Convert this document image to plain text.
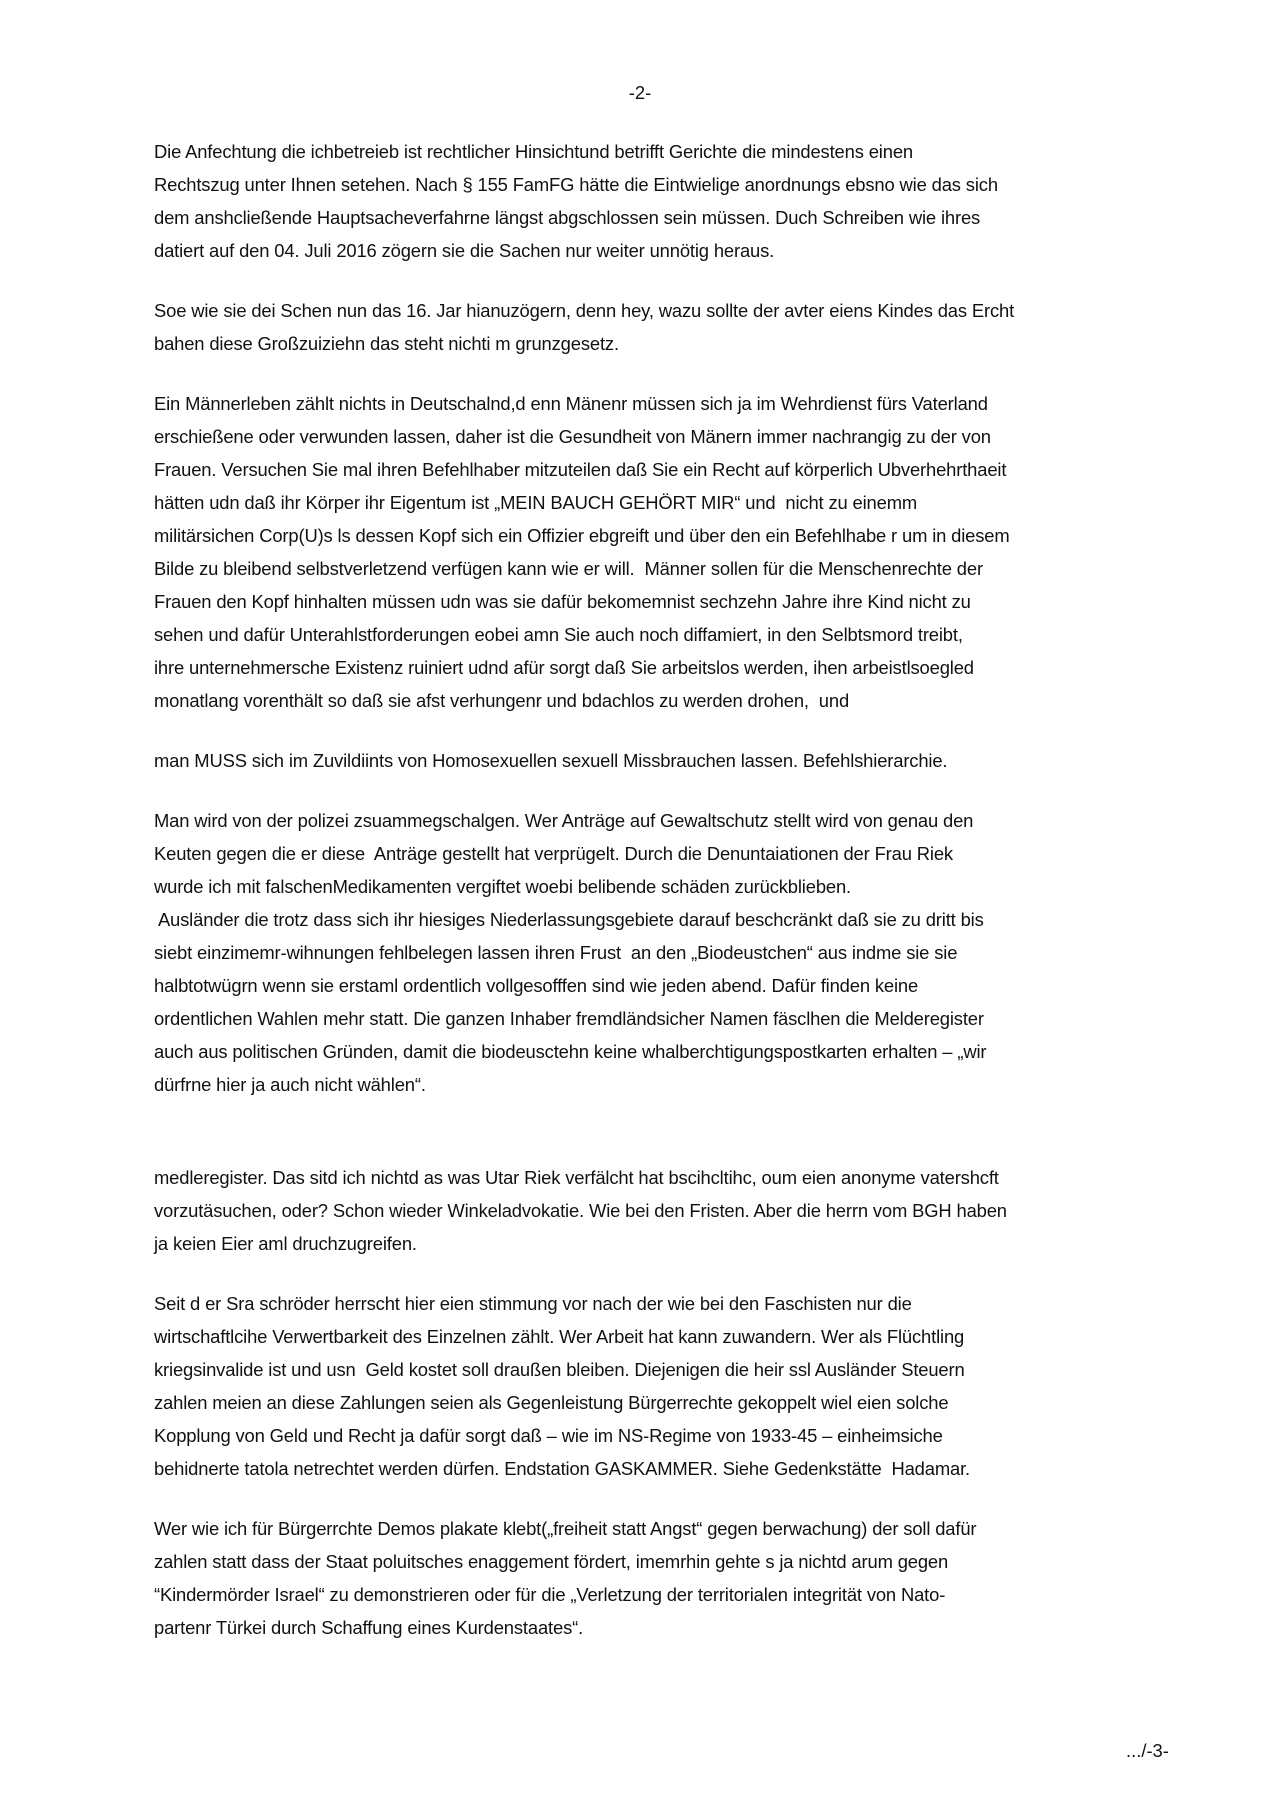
-2-
Die Anfechtung die ichbetreieb ist rechtlicher Hinsichtund betrifft Gerichte die mindestens einen
Rechtszug unter Ihnen setehen. Nach § 155 FamFG hätte die Eintwielige anordnungs ebsno wie das sich
dem anshcließende Hauptsacheverfahrne längst abgschlossen sein müssen. Duch Schreiben wie ihres
datiert auf den 04. Juli 2016 zögern sie die Sachen nur weiter unnötig heraus.
Soe wie sie dei Schen nun das 16. Jar hianuzögern, denn hey, wazu sollte der avter eiens Kindes das Ercht
bahen diese Großzuiziehn das steht nichti m grunzgesetz.
Ein Männerleben zählt nichts in Deutschalnd,d enn Mänenr müssen sich ja im Wehrdienst fürs Vaterland
erschießene oder verwunden lassen, daher ist die Gesundheit von Mänern immer nachrangig zu der von
Frauen. Versuchen Sie mal ihren Befehlhaber mitzuteilen daß Sie ein Recht auf körperlich Ubverhehrthaeit
hätten udn daß ihr Körper ihr Eigentum ist „MEIN BAUCH GEHÖRT MIR“ und  nicht zu einemm
militärsichen Corp(U)s ls dessen Kopf sich ein Offizier ebgreift und über den ein Befehlhabe r um in diesem
Bilde zu bleibend selbstverletzend verfügen kann wie er will.  Männer sollen für die Menschenrechte der
Frauen den Kopf hinhalten müssen udn was sie dafür bekomemnist sechzehn Jahre ihre Kind nicht zu
sehen und dafür Unterahlstforderungen eobei amn Sie auch noch diffamiert, in den Selbtsmord treibt,
ihre unternehmersche Existenz ruiniert udnd afür sorgt daß Sie arbeitslos werden, ihen arbeistlsoegled
monatlang vorenthält so daß sie afst verhungenr und bdachlos zu werden drohen,  und
man MUSS sich im Zuvildiints von Homosexuellen sexuell Missbrauchen lassen. Befehlshierarchie.
Man wird von der polizei zsuammegschalgen. Wer Anträge auf Gewaltschutz stellt wird von genau den
Keuten gegen die er diese  Anträge gestellt hat verprügelt. Durch die Denuntaiationen der Frau Riek
wurde ich mit falschenMedikamenten vergiftet woebi belibende schäden zurückblieben.
Ausländer die trotz dass sich ihr hiesiges Niederlassungsgebiete darauf beschcränkt daß sie zu dritt bis
siebt einzimemr-wihnungen fehlbelegen lassen ihren Frust  an den „Biodeustchen“ aus indme sie sie
halbtotwügrn wenn sie erstaml ordentlich vollgesofffen sind wie jeden abend. Dafür finden keine
ordentlichen Wahlen mehr statt. Die ganzen Inhaber fremdländsicher Namen fäsclhen die Melderegister
auch aus politischen Gründen, damit die biodeusctehn keine whalberchtigungspostkarten erhalten – „wir
dürfrne hier ja auch nicht wählen“.
medleregister. Das sitd ich nichtd as was Utar Riek verfälcht hat bscihcltihc, oum eien anonyme vatershcft
vorzutäsuchen, oder? Schon wieder Winkeladvokatie. Wie bei den Fristen. Aber die herrn vom BGH haben
ja keien Eier aml druchzugreifen.
Seit d er Sra schröder herrscht hier eien stimmung vor nach der wie bei den Faschisten nur die
wirtschaftlcihe Verwertbarkeit des Einzelnen zählt. Wer Arbeit hat kann zuwandern. Wer als Flüchtling
kriegsinvalide ist und usn  Geld kostet soll draußen bleiben. Diejenigen die heir ssl Ausländer Steuern
zahlen meien an diese Zahlungen seien als Gegenleistung Bürgerrechte gekoppelt wiel eien solche
Kopplung von Geld und Recht ja dafür sorgt daß – wie im NS-Regime von 1933-45 – einheimsiche
behidnerte tatola netrechtet werden dürfen. Endstation GASKAMMER. Siehe Gedenkstätte  Hadamar.
Wer wie ich für Bürgerrchte Demos plakate klebt(„freiheit statt Angst“ gegen berwachung) der soll dafür
zahlen statt dass der Staat poluitsches enaggement fördert, imemrhin gehte s ja nichtd arum gegen
“Kindermörder Israel“ zu demonstrieren oder für die „Verletzung der territorialen integrität von Nato-
partenr Türkei durch Schaffung eines Kurdenstaates“.
.../-3-
